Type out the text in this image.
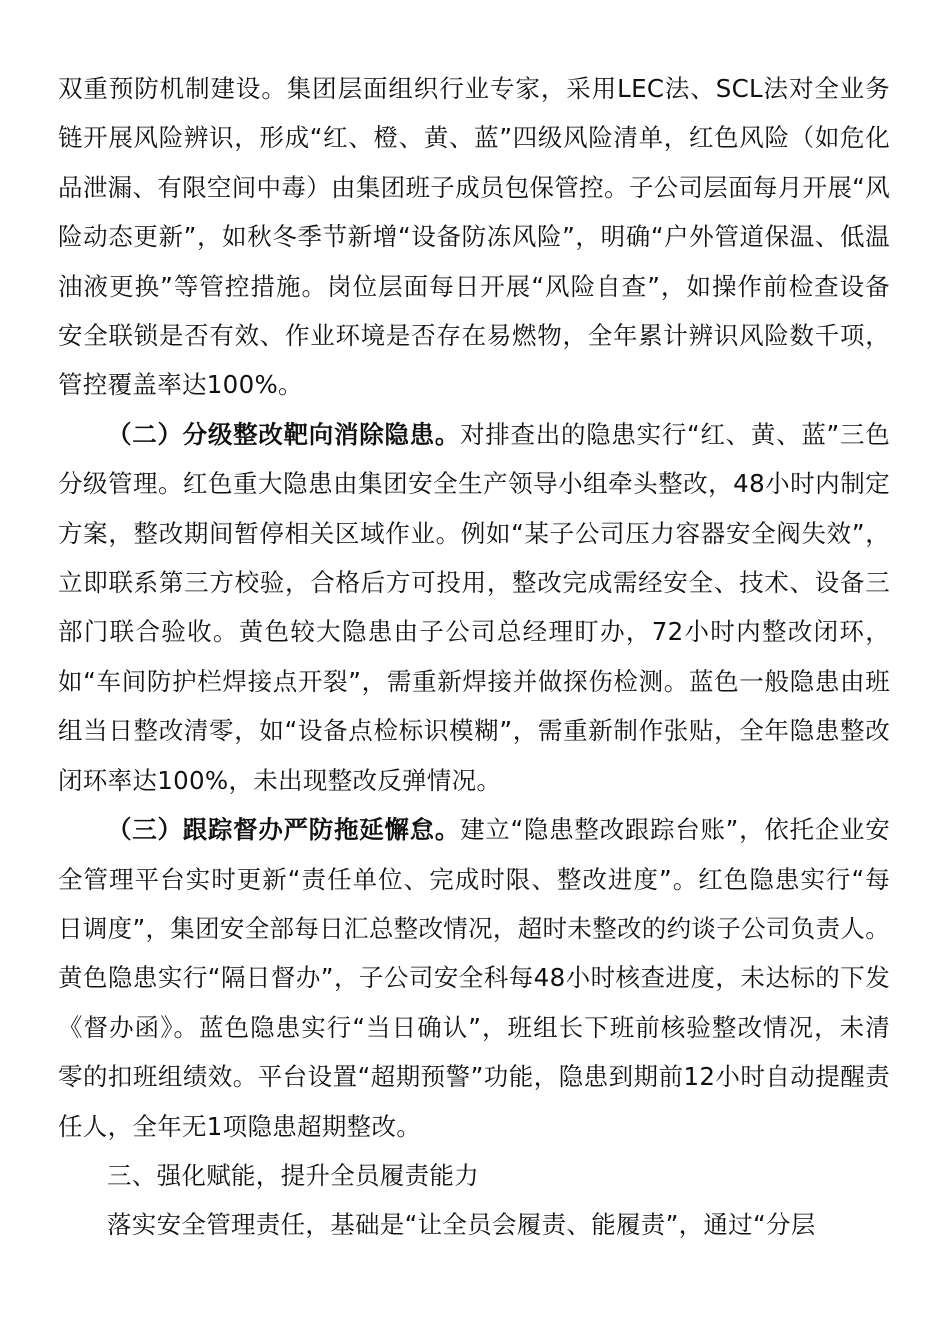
双重预防机制建设。集团层面组织行业专家，采用LEC法、SCL法对全业务链开展风险辨识，形成“红、橙、黄、蓝”四级风险清单，红色风险（如危化品泄漏、有限空间中毒）由集团班子成员包保管控。子公司层面每月开展“风险动态更新”，如秋冬季节新增“设备防冻风险”，明确“户外管道保温、低温油液更换”等管控措施。岗位层面每日开展“风险自查”，如操作前检查设备安全联锁是否有效、作业环境是否存在易燃物，全年累计辨识风险数千项，管控覆盖率达100%。

（二）分级整改靶向消除隐患。对排查出的隐患实行“红、黄、蓝”三色分级管理。红色重大隐患由集团安全生产领导小组牵头整改，48小时内制定方案，整改期间暂停相关区域作业。例如“某子公司压力容器安全阀失效”，立即联系第三方校验，合格后方可投用，整改完成需经安全、技术、设备三部门联合验收。黄色较大隐患由子公司总经理盯办，72小时内整改闭环，如“车间防护栏焊接点开裂”，需重新焊接并做探伤检测。蓝色一般隐患由班组当日整改清零，如“设备点检标识模糊”，需重新制作张贴，全年隐患整改闭环率达100%，未出现整改反弹情况。

（三）跟踪督办严防拖延懈怠。建立“隐患整改跟踪台账”，依托企业安全管理平台实时更新“责任单位、完成时限、整改进度”。红色隐患实行“每日调度”，集团安全部每日汇总整改情况，超时未整改的约谈子公司负责人。黄色隐患实行“隔日督办”，子公司安全科每48小时核查进度，未达标的下发《督办函》。蓝色隐患实行“当日确认”，班组长下班前核验整改情况，未清零的扣班组绩效。平台设置“超期预警”功能，隐患到期前12小时自动提醒责任人，全年无1项隐患超期整改。

三、强化赋能，提升全员履责能力

落实安全管理责任，基础是“让全员会履责、能履责”，通过“分层
